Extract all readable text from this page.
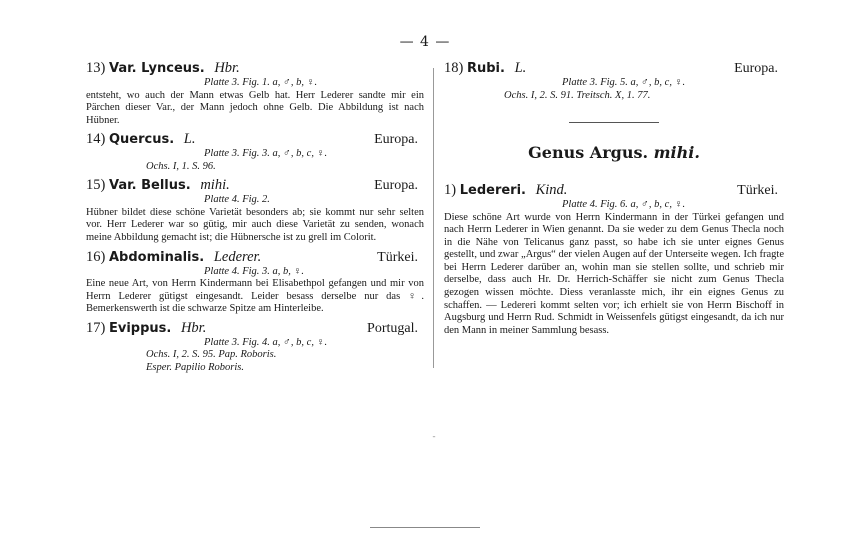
— 4 —
13) Var. Lynceus. Hbr.
Platte 3. Fig. 1. a, ♂, b, ♀.
entsteht, wo auch der Mann etwas Gelb hat. Herr Lederer sandte mir ein Pärchen dieser Var., der Mann jedoch ohne Gelb. Die Abbildung ist nach Hübner.
14) Quercus. L.	Europa.
Platte 3. Fig. 3. a, ♂, b, c, ♀.
Ochs. I, 1. S. 96.
15) Var. Bellus. mihi.	Europa.
Platte 4. Fig. 2.
Hübner bildet diese schöne Varietät besonders ab; sie kommt nur sehr selten vor. Herr Lederer war so gütig, mir auch diese Varietät zu senden, wonach meine Abbildung gemacht ist; die Hübnersche ist zu grell im Colorit.
16) Abdominalis. Lederer.	Türkei.
Platte 4. Fig. 3. a, b, ♀.
Eine neue Art, von Herrn Kindermann bei Elisabethpol gefangen und mir von Herrn Lederer gütigst eingesandt. Leider besass derselbe nur das ♀. Bemerkenswerth ist die schwarze Spitze am Hinterleibe.
17) Evippus. Hbr.	Portugal.
Platte 3. Fig. 4. a, ♂, b, c, ♀.
Ochs. I, 2. S. 95. Pap. Roboris.
Esper. Papilio Roboris.
18) Rubi. L.	Europa.
Platte 3. Fig. 5. a, ♂, b, c, ♀.
Ochs. I, 2. S. 91. Treitsch. X, 1. 77.
Genus Argus. mihi.
1) Ledereri. Kind.	Türkei.
Platte 4. Fig. 6. a, ♂, b, c, ♀.
Diese schöne Art wurde von Herrn Kindermann in der Türkei gefangen und nach Herrn Lederer in Wien genannt. Da sie weder zu dem Genus Thecla noch in die Nähe von Telicanus ganz passt, so habe ich sie unter eignes Genus gestellt, und zwar „Argus“ der vielen Augen auf der Unterseite wegen. Ich fragte bei Herrn Lederer darüber an, wohin man sie stellen sollte, und schrieb mir derselbe, dass auch Hr. Dr. Herrich-Schäffer sie nicht zum Genus Thecla gezogen wissen möchte. Diess veranlasste mich, ihr ein eignes Genus zu schaffen. — Ledereri kommt selten vor; ich erhielt sie von Herrn Bischoff in Augsburg und Herrn Rud. Schmidt in Weissenfels gütigst eingesandt, da ich nur den Mann in meiner Sammlung besass.
ˉ
